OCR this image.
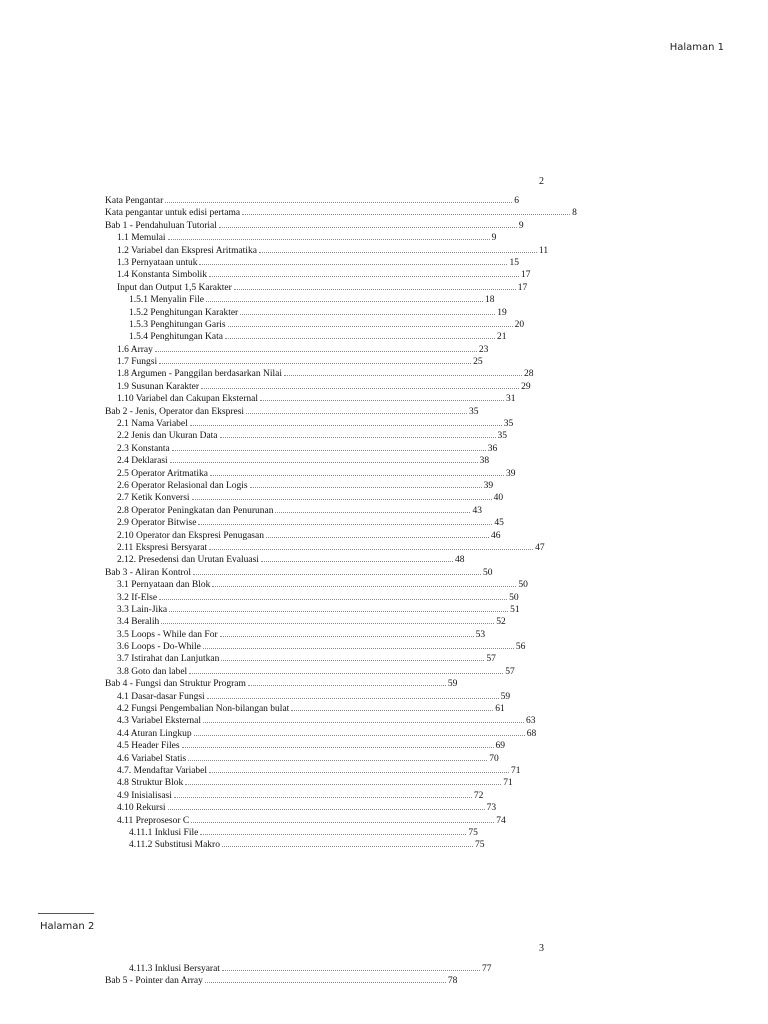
Halaman 1
2
Kata Pengantar	6
Kata pengantar untuk edisi pertama	8
Bab 1 - Pendahuluan Tutorial	9
1.1 Memulai	9
1.2 Variabel dan Ekspresi Aritmatika	11
1.3 Pernyataan untuk	15
1.4 Konstanta Simbolik	17
Input dan Output 1,5 Karakter	17
1.5.1 Menyalin File	18
1.5.2 Penghitungan Karakter	19
1.5.3 Penghitungan Garis	20
1.5.4 Penghitungan Kata	21
1.6 Array	23
1.7 Fungsi	25
1.8 Argumen - Panggilan berdasarkan Nilai	28
1.9 Susunan Karakter	29
1.10 Variabel dan Cakupan Eksternal	31
Bab 2 - Jenis, Operator dan Ekspresi	35
2.1 Nama Variabel	35
2.2 Jenis dan Ukuran Data	35
2.3 Konstanta	36
2.4 Deklarasi	38
2.5 Operator Aritmatika	39
2.6 Operator Relasional dan Logis	39
2.7 Ketik Konversi	40
2.8 Operator Peningkatan dan Penurunan	43
2.9 Operator Bitwise	45
2.10 Operator dan Ekspresi Penugasan	46
2.11 Ekspresi Bersyarat	47
2.12. Presedensi dan Urutan Evaluasi	48
Bab 3 - Aliran Kontrol	50
3.1 Pernyataan dan Blok	50
3.2 If-Else	50
3.3 Lain-Jika	51
3.4 Beralih	52
3.5 Loops - While dan For	53
3.6 Loops - Do-While	56
3.7 Istirahat dan Lanjutkan	57
3.8 Goto dan label	57
Bab 4 - Fungsi dan Struktur Program	59
4.1 Dasar-dasar Fungsi	59
4.2 Fungsi Pengembalian Non-bilangan bulat	61
4.3 Variabel Eksternal	63
4.4 Aturan Lingkup	68
4.5 Header Files	69
4.6 Variabel Statis	70
4.7. Mendaftar Variabel	71
4.8 Struktur Blok	71
4.9 Inisialisasi	72
4.10 Rekursi	73
4.11 Preprosesor C	74
4.11.1 Inklusi File	75
4.11.2 Substitusi Makro	75
Halaman 2
3
4.11.3 Inklusi Bersyarat	77
Bab 5 - Pointer dan Array	78
